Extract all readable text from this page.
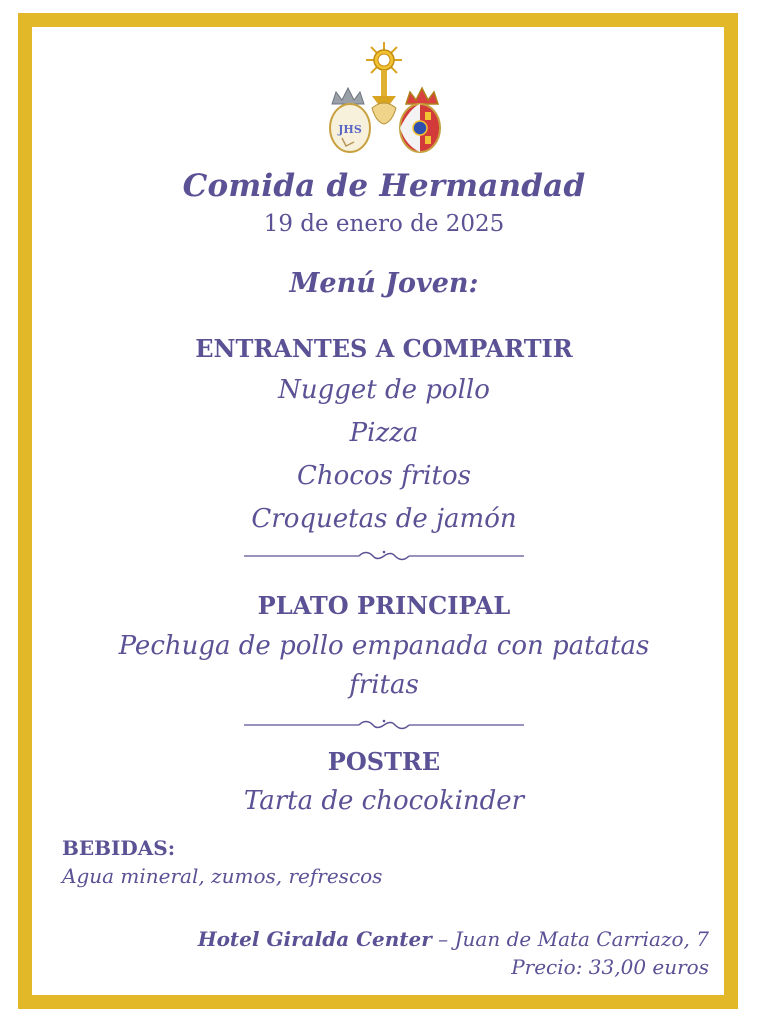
JHS
Comida de Hermandad
19 de enero de 2025
Menú Joven:
ENTRANTES A COMPARTIR
Nugget de pollo
Pizza
Chocos fritos
Croquetas de jamón
PLATO PRINCIPAL
Pechuga de pollo empanada con patatas
fritas
POSTRE
Tarta de chocokinder
BEBIDAS:
Agua mineral, zumos, refrescos
Hotel Giralda Center – Juan de Mata Carriazo, 7
Precio: 33,00 euros
